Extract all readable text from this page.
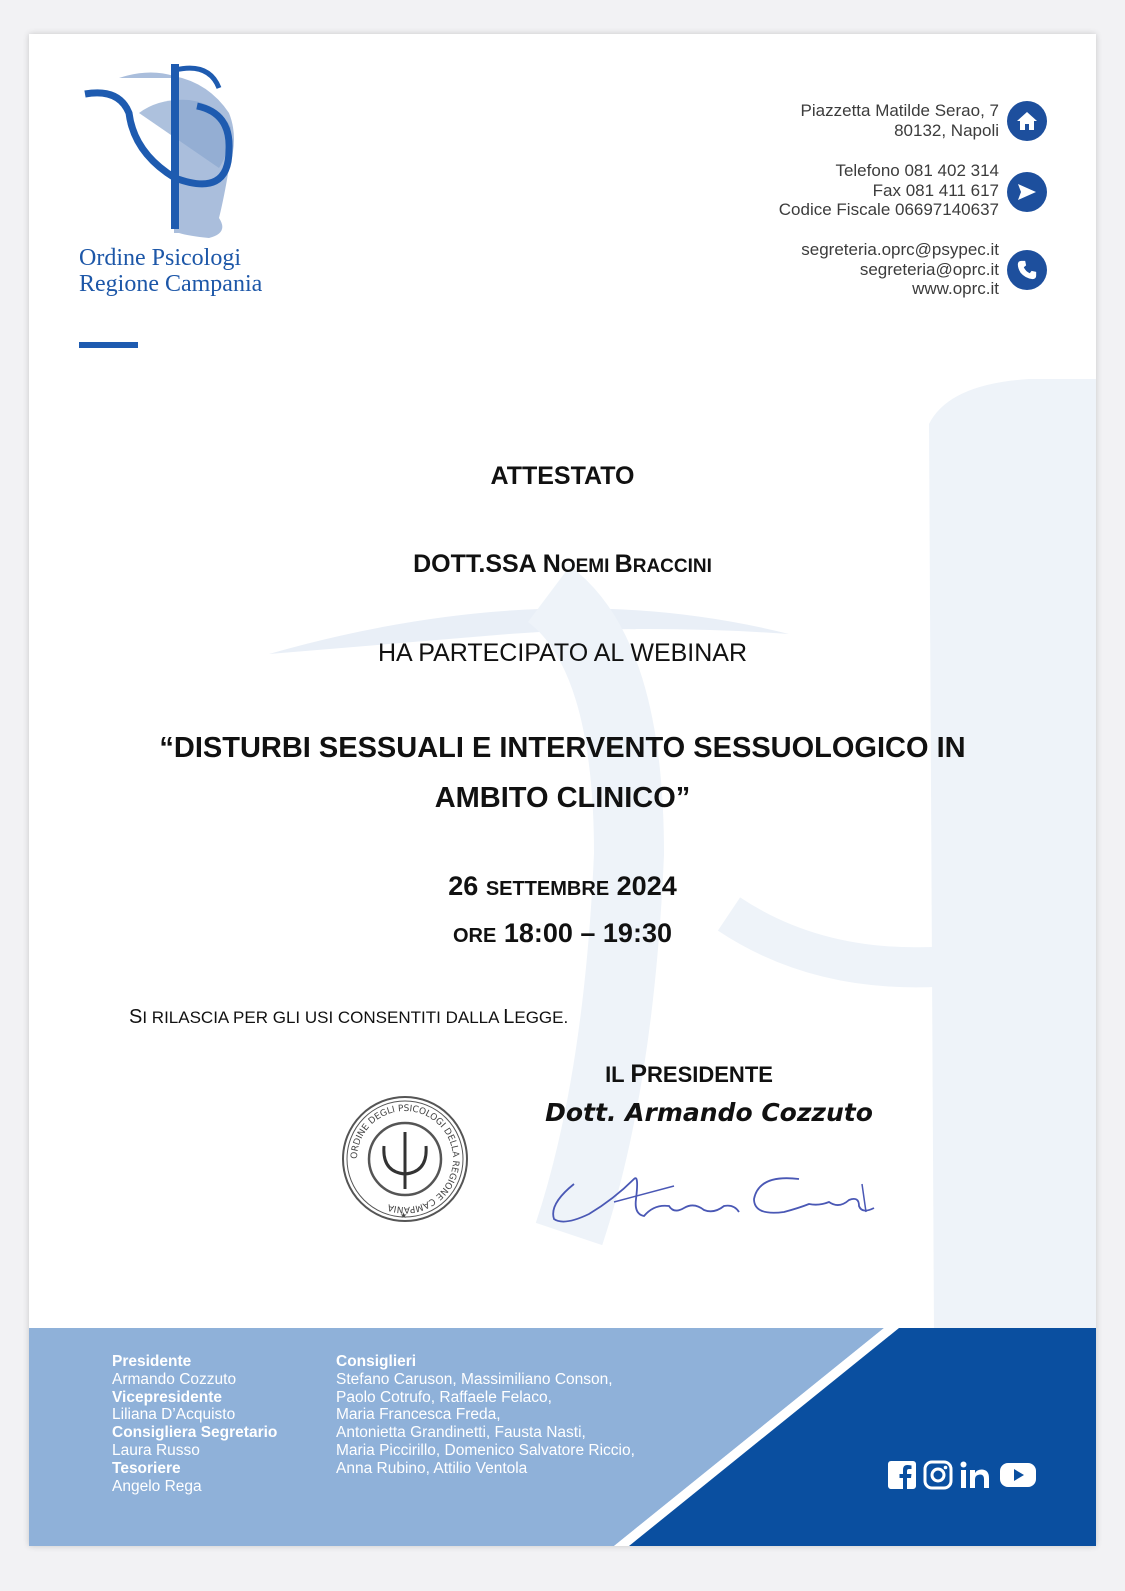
Ordine Psicologi
Regione Campania
Piazzetta Matilde Serao, 7
80132, Napoli
Telefono 081 402 314
Fax 081 411 617
Codice Fiscale 06697140637
segreteria.oprc@psypec.it
segreteria@oprc.it
www.oprc.it
ATTESTATO
DOTT.SSA NOEMI BRACCINI
HA PARTECIPATO AL WEBINAR
“DISTURBI SESSUALI E INTERVENTO SESSUOLOGICO IN
AMBITO CLINICO”
26 SETTEMBRE 2024
ORE 18:00 – 19:30
SI RILASCIA PER GLI USI CONSENTITI DALLA LEGGE.
IL PRESIDENTE
Dott. Armando Cozzuto
ORDINE DEGLI PSICOLOGI DELLA REGIONE CAMPANIA
★
Presidente
Armando Cozzuto
Vicepresidente
Liliana D’Acquisto
Consigliera Segretario
Laura Russo
Tesoriere
Angelo Rega
Consiglieri
Stefano Caruson, Massimiliano Conson,
Paolo Cotrufo, Raffaele Felaco,
Maria Francesca Freda,
Antonietta Grandinetti, Fausta Nasti,
Maria Piccirillo, Domenico Salvatore Riccio,
Anna Rubino, Attilio Ventola
